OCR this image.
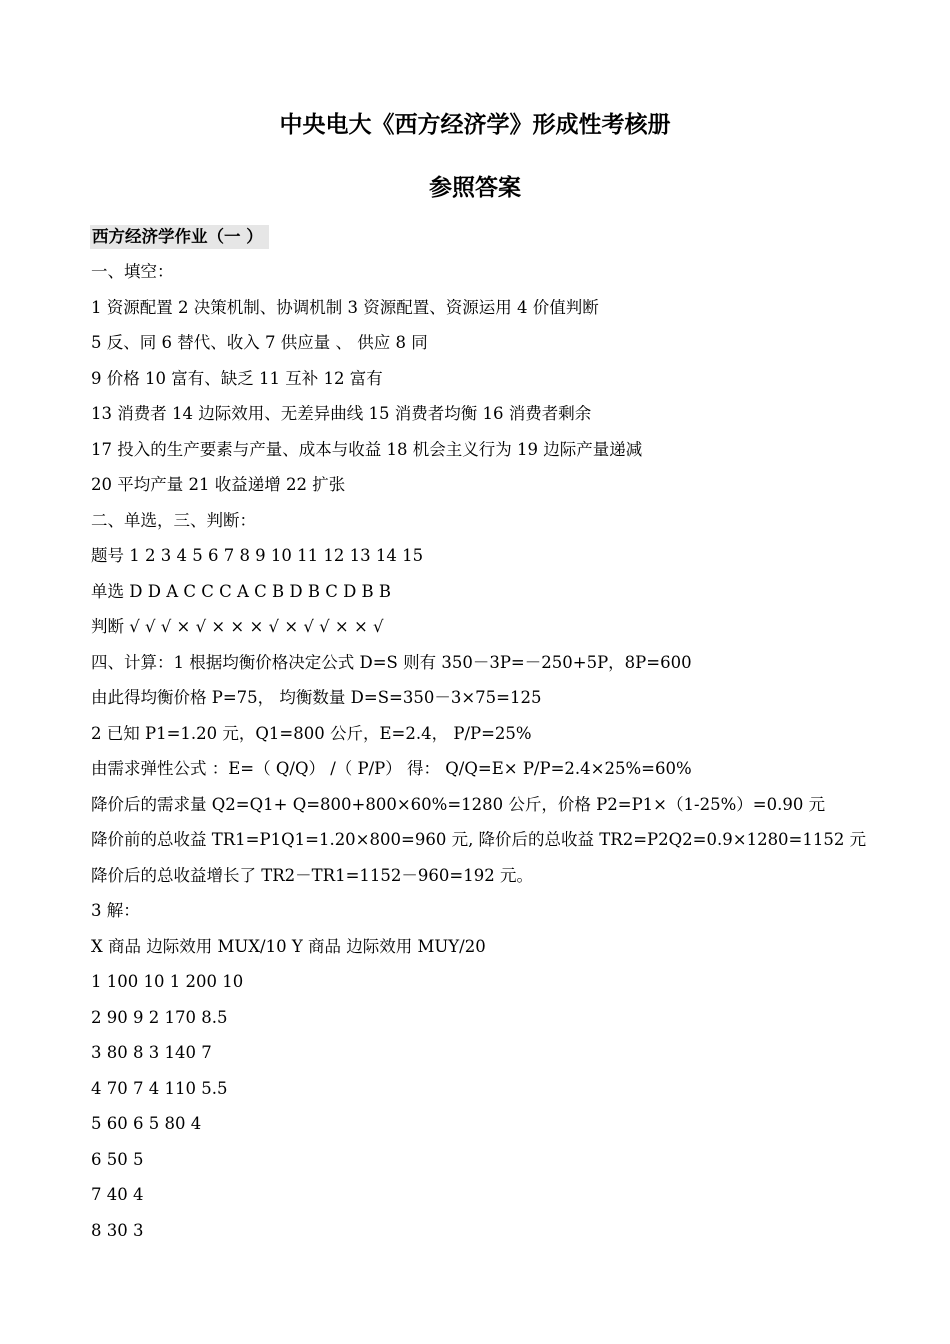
中央电大《西方经济学》形成性考核册
参照答案
西方经济学作业（一 ）
一、填空：
1 资源配置 2 决策机制、协调机制 3 资源配置、资源运用 4 价值判断
5 反、同 6 替代、收入 7 供应量 、 供应 8 同
9 价格 10 富有、缺乏 11 互补 12 富有
13 消费者 14 边际效用、无差异曲线 15 消费者均衡 16 消费者剩余
17 投入的生产要素与产量、成本与收益 18 机会主义行为 19 边际产量递减
20 平均产量 21 收益递增 22 扩张
二、单选，三、判断：
题号 1 2 3 4 5 6 7 8 9 10 11 12 13 14 15
单选 D D A C C C A C B D B C D B B
判断 √ √ √ × √ × × × √ × √ √ × × √
四、计算：1 根据均衡价格决定公式 D=S 则有 350－3P=－250+5P，8P=600
由此得均衡价格 P=75， 均衡数量 D=S=350－3×75=125
2 已知 P1=1.20 元，Q1=800 公斤，E=2.4， P/P=25%
由需求弹性公式 ：E=（ Q/Q） /（ P/P） 得： Q/Q=E× P/P=2.4×25%=60%
降价后的需求量 Q2=Q1+ Q=800+800×60%=1280 公斤，价格 P2=P1×（1-25%）=0.90 元
降价前的总收益 TR1=P1Q1=1.20×800=960 元, 降价后的总收益 TR2=P2Q2=0.9×1280=1152 元
降价后的总收益增长了 TR2－TR1=1152－960=192 元。
3 解：
X 商品 边际效用 MUX/10 Y 商品 边际效用 MUY/20
1 100 10 1 200 10
2 90 9 2 170 8.5
3 80 8 3 140 7
4 70 7 4 110 5.5
5 60 6 5 80 4
6 50 5
7 40 4
8 30 3
